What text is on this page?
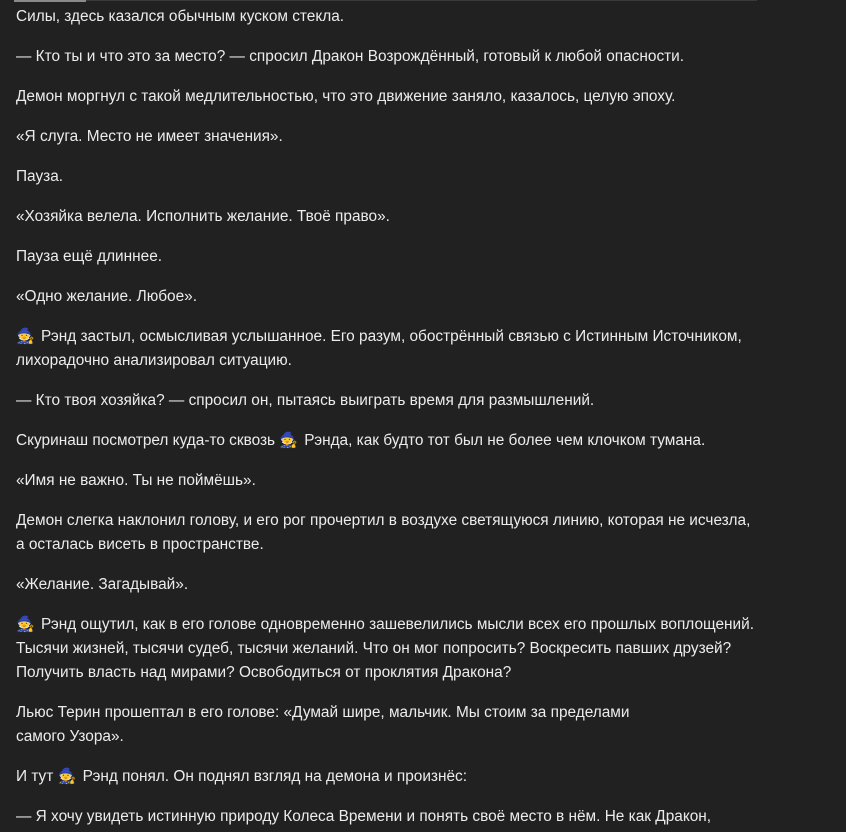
Силы, здесь казался обычным куском стекла.

— Кто ты и что это за место? — спросил Дракон Возрождённый, готовый к любой опасности.

Демон моргнул с такой медлительностью, что это движение заняло, казалось, целую эпоху.

«Я слуга. Место не имеет значения».

Пауза.

«Хозяйка велела. Исполнить желание. Твоё право».

Пауза ещё длиннее.

«Одно желание. Любое».

🧙 Рэнд застыл, осмысливая услышанное. Его разум, обострённый связью с Истинным Источником, лихорадочно анализировал ситуацию.

— Кто твоя хозяйка? — спросил он, пытаясь выиграть время для размышлений.

Скуринаш посмотрел куда-то сквозь 🧙 Рэнда, как будто тот был не более чем клочком тумана.

«Имя не важно. Ты не поймёшь».

Демон слегка наклонил голову, и его рог прочертил в воздухе светящуюся линию, которая не исчезла, а осталась висеть в пространстве.

«Желание. Загадывай».

🧙 Рэнд ощутил, как в его голове одновременно зашевелились мысли всех его прошлых воплощений. Тысячи жизней, тысячи судеб, тысячи желаний. Что он мог попросить? Воскресить павших друзей? Получить власть над мирами? Освободиться от проклятия Дракона?

Льюс Терин прошептал в его голове: «Думай шире, мальчик. Мы стоим за пределами
самого Узора».

И тут 🧙 Рэнд понял. Он поднял взгляд на демона и произнёс:

— Я хочу увидеть истинную природу Колеса Времени и понять своё место в нём. Не как Дракон,
